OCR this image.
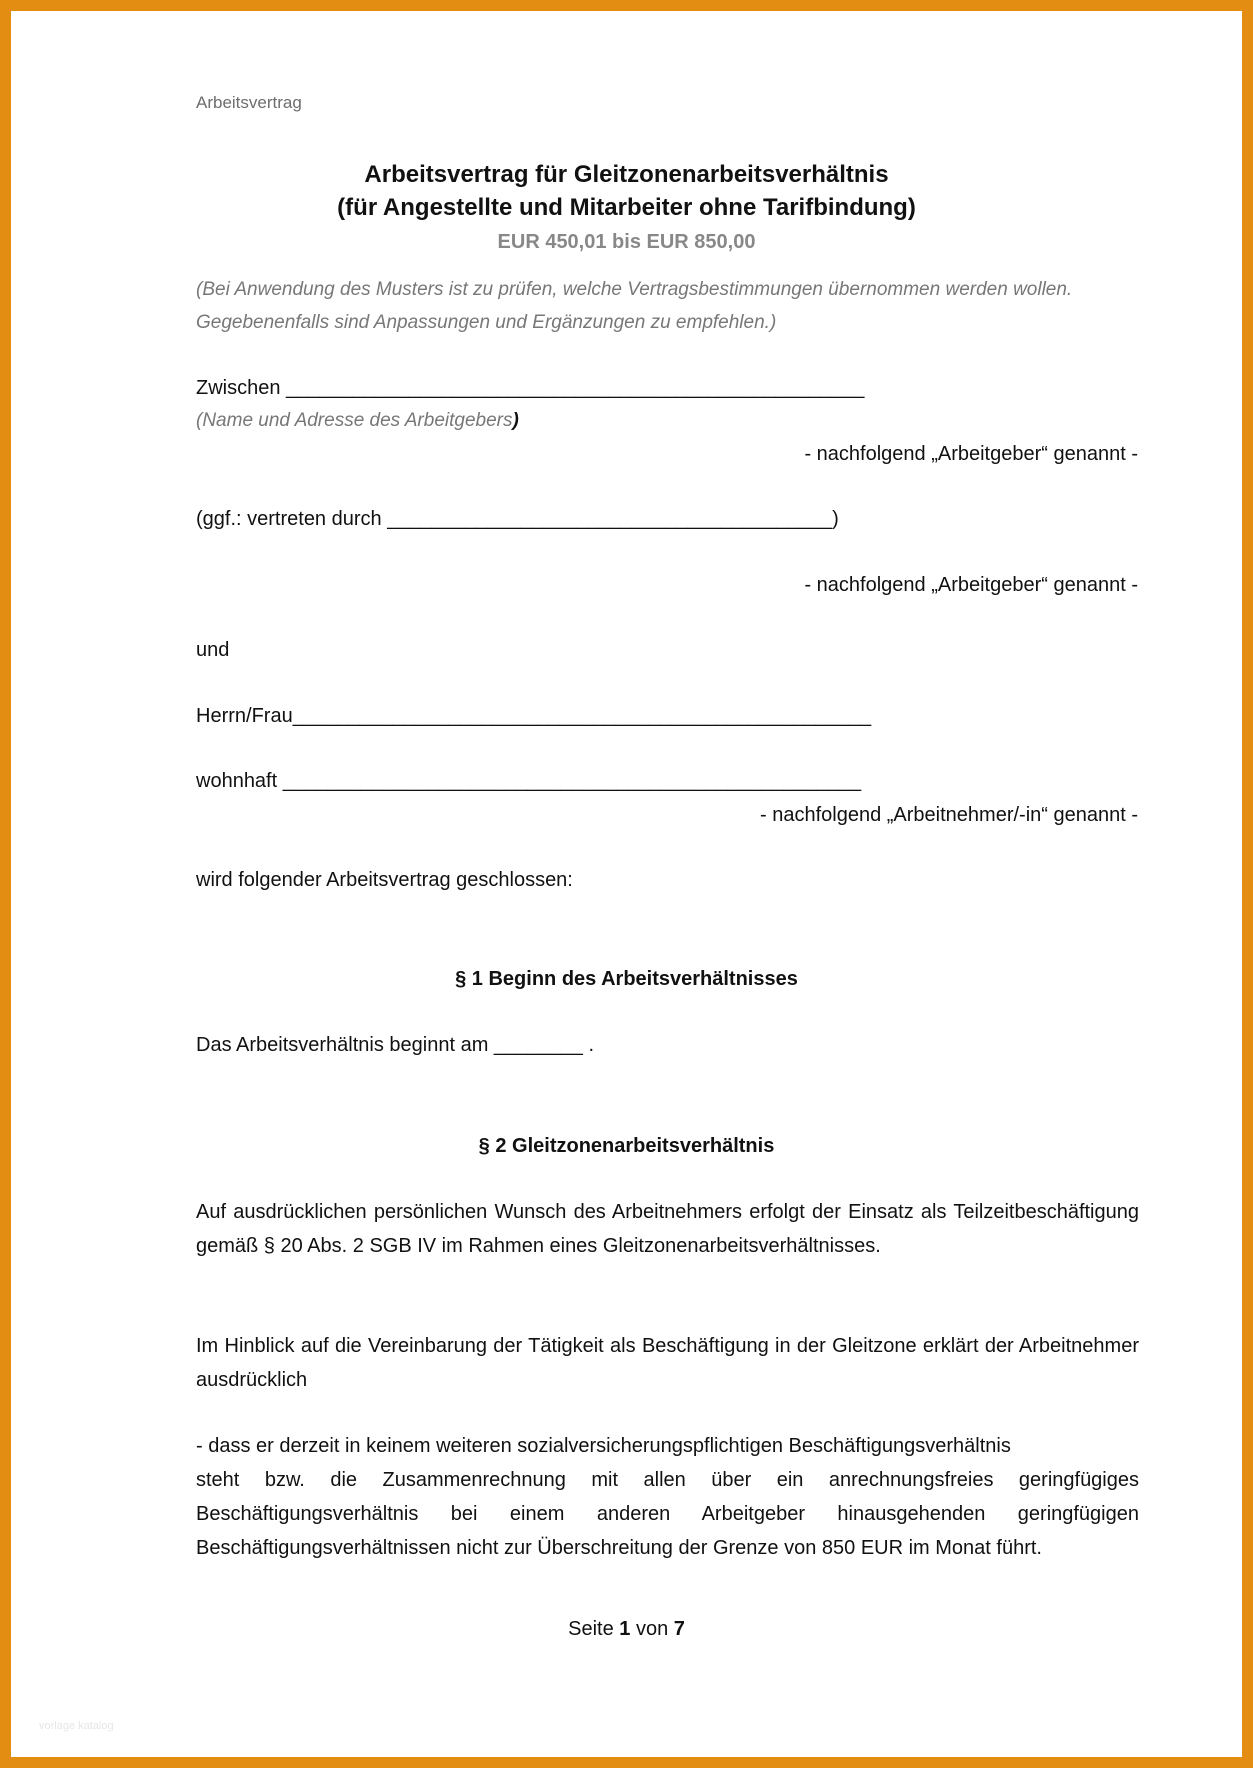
Arbeitsvertrag
Arbeitsvertrag für Gleitzonenarbeitsverhältnis
(für Angestellte und Mitarbeiter ohne Tarifbindung)
EUR 450,01 bis EUR 850,00
(Bei Anwendung des Musters ist zu prüfen, welche Vertragsbestimmungen übernommen werden wollen. Gegebenenfalls sind Anpassungen und Ergänzungen zu empfehlen.)
Zwischen ____________________________________________________
(Name und Adresse des Arbeitgebers)
- nachfolgend „Arbeitgeber“ genannt -
(ggf.: vertreten durch ________________________________________)
- nachfolgend „Arbeitgeber“ genannt -
und
Herrn/Frau____________________________________________________
wohnhaft ____________________________________________________
- nachfolgend „Arbeitnehmer/-in“ genannt -
wird folgender Arbeitsvertrag geschlossen:
§ 1 Beginn des Arbeitsverhältnisses
Das Arbeitsverhältnis beginnt am ________ .
§ 2 Gleitzonenarbeitsverhältnis
Auf ausdrücklichen persönlichen Wunsch des Arbeitnehmers erfolgt der Einsatz als Teilzeitbeschäftigung gemäß § 20 Abs. 2 SGB IV im Rahmen eines Gleitzonenarbeitsverhältnisses.
Im Hinblick auf die Vereinbarung der Tätigkeit als Beschäftigung in der Gleitzone erklärt der Arbeitnehmer ausdrücklich
- dass er derzeit in keinem weiteren sozialversicherungspflichtigen Beschäftigungsverhältnis
steht bzw. die Zusammenrechnung mit allen über ein anrechnungsfreies geringfügiges Beschäftigungsverhältnis bei einem anderen Arbeitgeber hinausgehenden geringfügigen Beschäftigungsverhältnissen nicht zur Überschreitung der Grenze von 850 EUR im Monat führt.
Seite 1 von 7
vorlage katalog
